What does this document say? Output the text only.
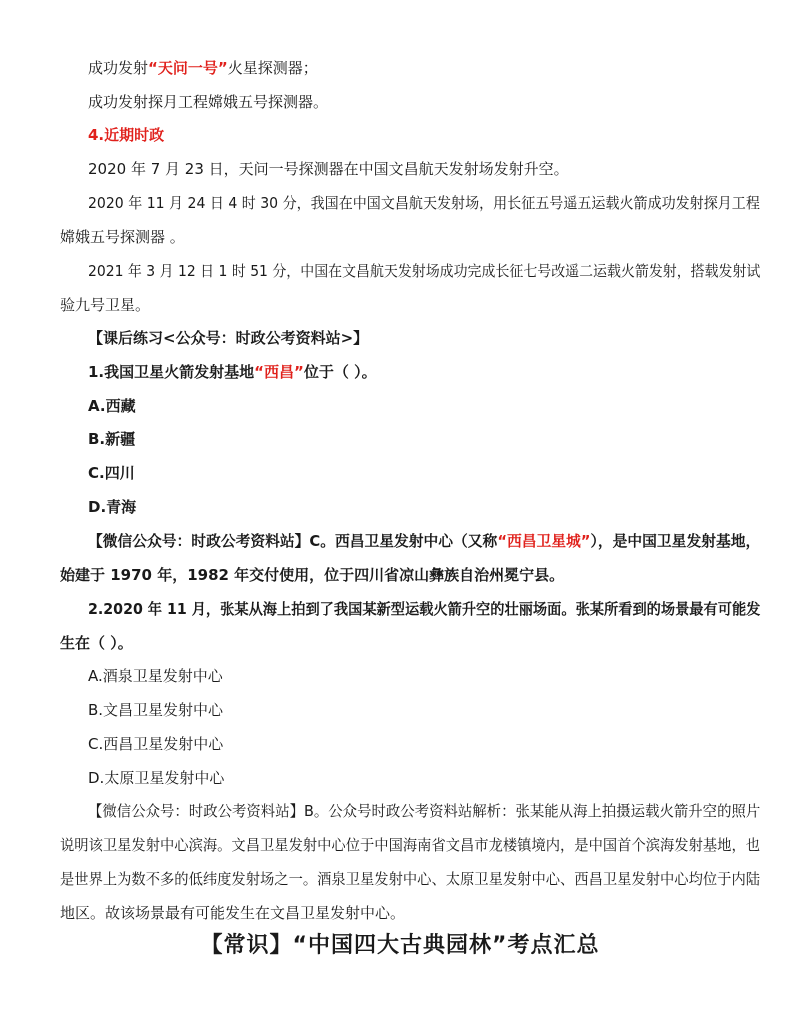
成功发射“天问一号”火星探测器；
成功发射探月工程嫦娥五号探测器。
4.近期时政
2020 年 7 月 23 日，天问一号探测器在中国文昌航天发射场发射升空。
2020 年 11 月 24 日 4 时 30 分，我国在中国文昌航天发射场，用长征五号遥五运载火箭成功发射探月工程
嫦娥五号探测器 。
2021 年 3 月 12 日 1 时 51 分，中国在文昌航天发射场成功完成长征七号改遥二运载火箭发射，搭载发射试
验九号卫星。
【课后练习<公众号：时政公考资料站>】
1.我国卫星火箭发射基地“西昌”位于（ ）。
A.西藏
B.新疆
C.四川
D.青海
【微信公众号：时政公考资料站】C。西昌卫星发射中心（又称“西昌卫星城”），是中国卫星发射基地，
始建于 1970 年，1982 年交付使用，位于四川省凉山彝族自治州冕宁县。
2.2020 年 11 月，张某从海上拍到了我国某新型运载火箭升空的壮丽场面。张某所看到的场景最有可能发
生在（ ）。
A.酒泉卫星发射中心
B.文昌卫星发射中心
C.西昌卫星发射中心
D.太原卫星发射中心
【微信公众号：时政公考资料站】B。公众号时政公考资料站解析：张某能从海上拍摄运载火箭升空的照片
说明该卫星发射中心滨海。文昌卫星发射中心位于中国海南省文昌市龙楼镇境内，是中国首个滨海发射基地，也
是世界上为数不多的低纬度发射场之一。酒泉卫星发射中心、太原卫星发射中心、西昌卫星发射中心均位于内陆
地区。故该场景最有可能发生在文昌卫星发射中心。
【常识】“中国四大古典园林”考点汇总
